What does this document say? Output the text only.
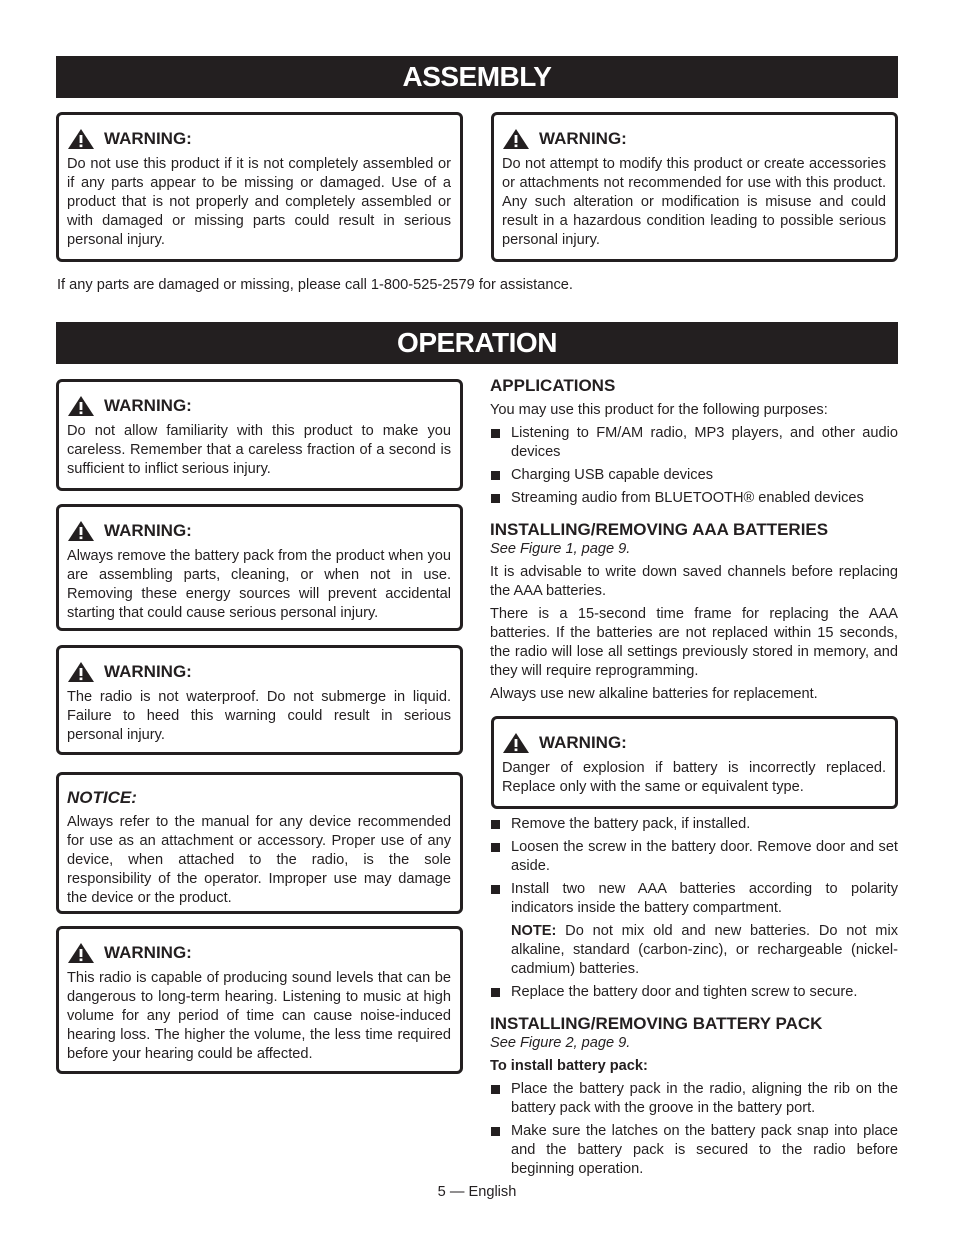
ASSEMBLY
WARNING:

Do not use this product if it is not completely assembled or if any parts appear to be missing or damaged. Use of a product that is not properly and completely assembled or with damaged or missing parts could result in serious personal injury.

WARNING:

Do not attempt to modify this product or create accessories or attachments not recommended for use with this product. Any such alteration or modification is misuse and could result in a hazardous condition leading to possible serious personal injury.

If any parts are damaged or missing, please call 1-800-525-2579 for assistance.

OPERATION
WARNING:

Do not allow familiarity with this product to make you careless. Remember that a careless fraction of a second is sufficient to inflict serious injury.

WARNING:

Always remove the battery pack from the product when you are assembling parts, cleaning, or when not in use. Removing these energy sources will prevent accidental starting that could cause serious personal injury.

WARNING:

The radio is not waterproof. Do not submerge in liquid. Failure to heed this warning could result in serious personal injury.

NOTICE:

Always refer to the manual for any device recommended for use as an attachment or accessory. Proper use of any device, when attached to the radio, is the sole responsibility of the operator. Improper use may damage the device or the product.

WARNING:

This radio is capable of producing sound levels that can be dangerous to long-term hearing. Listening to music at high volume for any period of time can cause noise-induced hearing loss. The higher the volume, the less time required before your hearing could be affected.

APPLICATIONS

You may use this product for the following purposes:

Listening to FM/AM radio, MP3 players, and other audio devices
Charging USB capable devices
Streaming audio from BLUETOOTH® enabled devices
INSTALLING/REMOVING AAA BATTERIES

See Figure 1, page 9.

It is advisable to write down saved channels before replacing the AAA batteries.

There is a 15-second time frame for replacing the AAA batteries. If the batteries are not replaced within 15 seconds, the radio will lose all settings previously stored in memory, and they will require reprogramming.

Always use new alkaline batteries for replacement.

WARNING:

Danger of explosion if battery is incorrectly replaced. Replace only with the same or equivalent type.

Remove the battery pack, if installed.
Loosen the screw in the battery door. Remove door and set aside.
Install two new AAA batteries according to polarity indicators inside the battery compartment.
NOTE: Do not mix old and new batteries. Do not mix alkaline, standard (carbon-zinc), or rechargeable (nickel-cadmium) batteries.
Replace the battery door and tighten screw to secure.
INSTALLING/REMOVING BATTERY PACK

See Figure 2, page 9.

To install battery pack:

Place the battery pack in the radio, aligning the rib on the battery pack with the groove in the battery port.
Make sure the latches on the battery pack snap into place and the battery pack is secured to the radio before beginning operation.
5 — English
